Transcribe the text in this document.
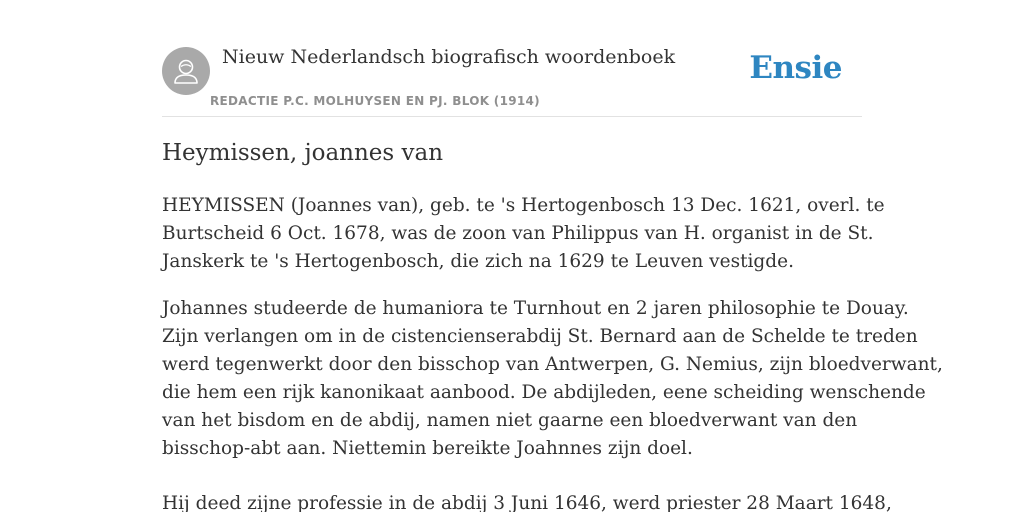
Nieuw Nederlandsch biografisch woordenboek
REDACTIE P.C. MOLHUYSEN EN PJ. BLOK (1914)
Ensie
Heymissen, joannes van
HEYMISSEN (Joannes van), geb. te 's Hertogenbosch 13 Dec. 1621, overl. te
Burtscheid 6 Oct. 1678, was de zoon van Philippus van H. organist in de St.
Janskerk te 's Hertogenbosch, die zich na 1629 te Leuven vestigde.
Johannes studeerde de humaniora te Turnhout en 2 jaren philosophie te Douay.
Zijn verlangen om in de cistencienserabdij St. Bernard aan de Schelde te treden
werd tegenwerkt door den bisschop van Antwerpen, G. Nemius, zijn bloedverwant,
die hem een rijk kanonikaat aanbood. De abdijleden, eene scheiding wenschende
van het bisdom en de abdij, namen niet gaarne een bloedverwant van den
bisschop-abt aan. Niettemin bereikte Joahnnes zijn doel.
Hij deed zijne professie in de abdij 3 Juni 1646, werd priester 28 Maart 1648,
